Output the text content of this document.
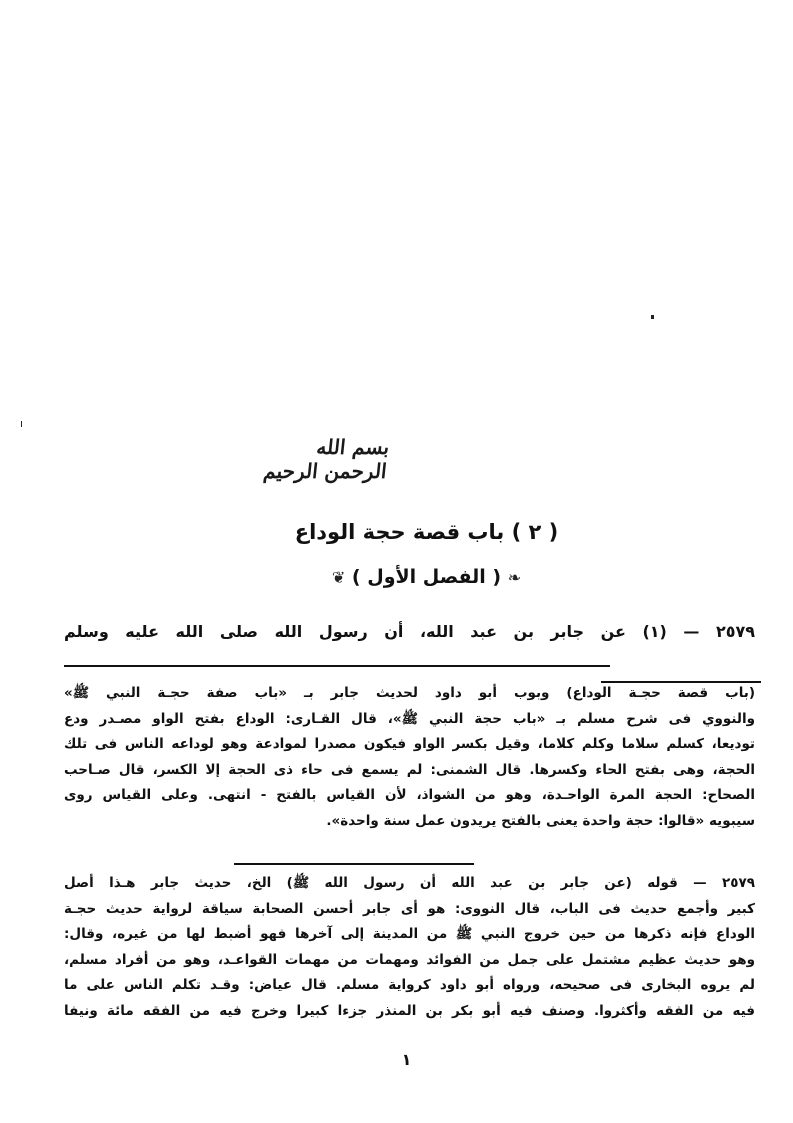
بسم الله الرحمن الرحيم
( ٢ ) باب قصة حجة الوداع
❧ ( الفصل الأول ) ❦
٢٥٧٩ — (١) عن جابر بن عبد الله، أن رسول الله صلى الله عليه وسلم

(باب قصة حجـة الوداع) وبوب أبو داود لحديث جابر بـ «باب صفة حجـة النبي ﷺ»

والنووي فى شرح مسلم بـ «باب حجة النبي ﷺ»، قال القـارى: الوداع بفتح الواو مصـدر ودع

توديعا، كسلم سلاما وكلم كلاما، وقيل بكسر الواو فيكون مصدرا لموادعة وهو لوداعه الناس فى تلك

الحجة، وهى بفتح الحاء وكسرها. قال الشمنى: لم يسمع فى حاء ذى الحجة إلا الكسر، قال صـاحب

الصحاح: الحجة المرة الواحـدة، وهو من الشواذ، لأن القياس بالفتح - انتهى. وعلى القياس روى

سيبويه «قالوا: حجة واحدة يعنى بالفتح يريدون عمل سنة واحدة».

٢٥٧٩ — قوله (عن جابر بن عبد الله أن رسول الله ﷺ) الخ، حديث جابر هـذا أصل

كبير وأجمع حديث فى الباب، قال النووى: هو أى جابر أحسن الصحابة سياقة لرواية حديث حجـة

الوداع فإنه ذكرها من حين خروج النبي ﷺ من المدينة إلى آخرها فهو أضبط لها من غيره، وقال:

وهو حديث عظيم مشتمل على جمل من الفوائد ومهمات من مهمات القواعـد، وهو من أفراد مسلم،

لم يروه البخارى فى صحيحه، ورواه أبو داود كرواية مسلم. قال عياض: وقـد تكلم الناس على ما

فيه من الفقه وأكثروا. وصنف فيه أبو بكر بن المنذر جزءا كبيرا وخرج فيه من الفقه مائة ونيفا

١
